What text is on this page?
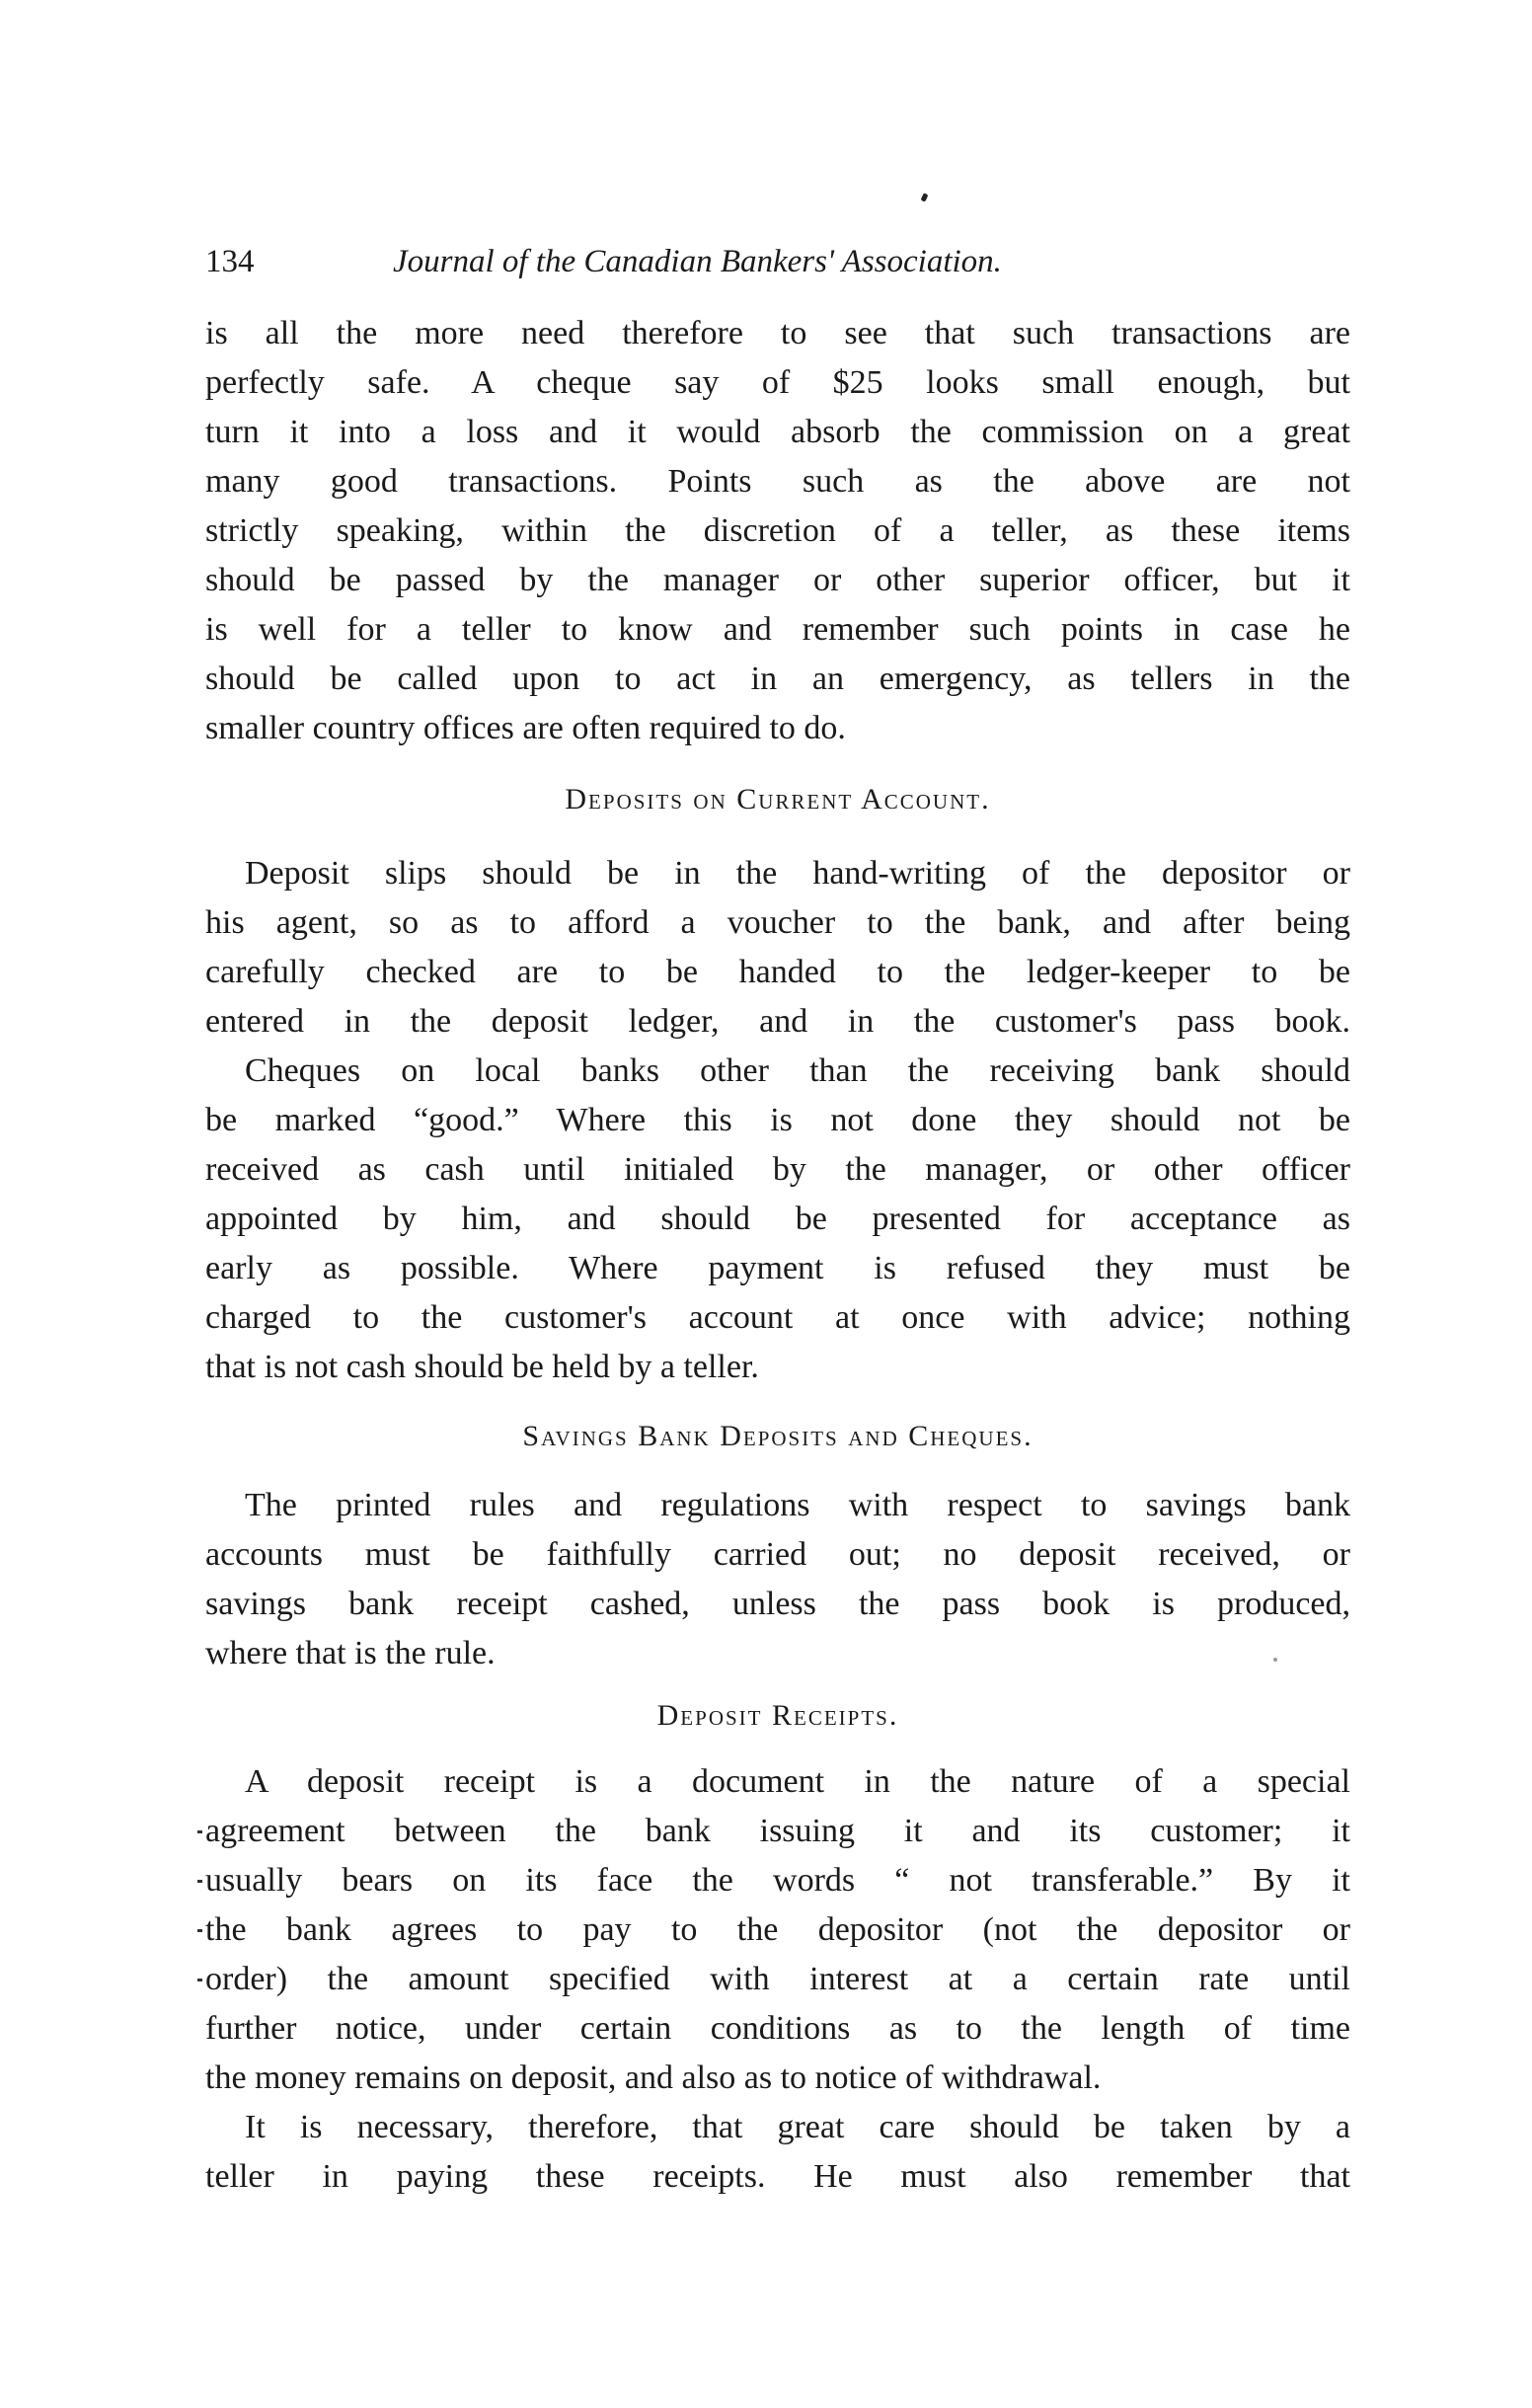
134	Journal of the Canadian Bankers' Association.
is all the more need therefore to see that such transactions are
perfectly safe. A cheque say of $25 looks small enough, but
turn it into a loss and it would absorb the commission on a great
many good transactions. Points such as the above are not
strictly speaking, within the discretion of a teller, as these items
should be passed by the manager or other superior officer, but it
is well for a teller to know and remember such points in case he
should be called upon to act in an emergency, as tellers in the
smaller country offices are often required to do.
Deposits on Current Account.
Deposit slips should be in the hand-writing of the depositor or
his agent, so as to afford a voucher to the bank, and after being
carefully checked are to be handed to the ledger-keeper to be
entered in the deposit ledger, and in the customer's pass book.
Cheques on local banks other than the receiving bank should
be marked “good.” Where this is not done they should not be
received as cash until initialed by the manager, or other officer
appointed by him, and should be presented for acceptance as
early as possible. Where payment is refused they must be
charged to the customer's account at once with advice; nothing
that is not cash should be held by a teller.
Savings Bank Deposits and Cheques.
The printed rules and regulations with respect to savings bank
accounts must be faithfully carried out; no deposit received, or
savings bank receipt cashed, unless the pass book is produced,
where that is the rule.
Deposit Receipts.
A deposit receipt is a document in the nature of a special
agreement between the bank issuing it and its customer; it
usually bears on its face the words “ not transferable.” By it
the bank agrees to pay to the depositor (not the depositor or
order) the amount specified with interest at a certain rate until
further notice, under certain conditions as to the length of time
the money remains on deposit, and also as to notice of withdrawal.
It is necessary, therefore, that great care should be taken by a
teller in paying these receipts. He must also remember that
